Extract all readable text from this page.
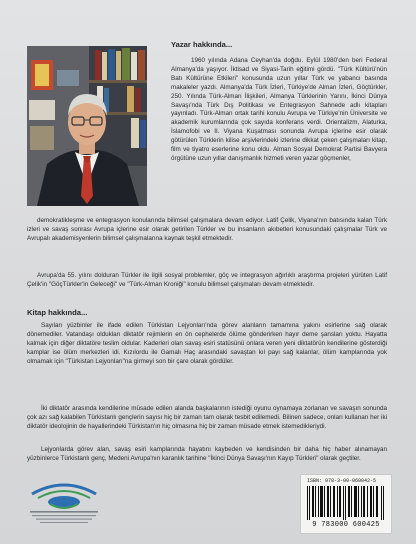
Yazar hakkında...

1960 yılında Adana Ceyhan'da doğdu. Eylül 1980'den beri Federal Almanya'da yaşıyor. İktisad ve Siyasi-Tarih eğitimi gördü. "Türk Kültürü'nün Batı Kültürüne Etkileri" konusunda uzun yıllar Türk ve yabancı basında makaleler yazdı. Almanya'da Türk İzleri, Türkiye'de Alman İzleri, Göçtürkler, 250. Yılında Türk-Alman İlişkileri, Almanya Türklerinin Yarını, İkinci Dünya Savaşı'nda Türk Dış Politikası ve Entegrasyon Sahnede adlı kitapları yayınladı. Türk-Alman ortak tarihi konulu Avrupa ve Türkiye'nin Üniversite ve akademik kurumlarında çok sayıda konferans verdi. Orientalizm, Alaturka, İslamofobi ve II. Viyana Kuşatması sonunda Avrupa içlerine esir olarak götürülen Türklerin kilise arşivlerindeki izlerine dikkat çeken çalışmaları kitap, film ve tiyatro eserlerine konu oldu. Alman Sosyal Demokrat Partisi Bavyera örgütüne uzun yıllar danışmanlık hizmeti veren yazar göçmenler,

demokratikleşme ve entegrasyon konularında bilimsel çalışmalara devam ediyor. Latif Çelik, Viyana'nın batısında kalan Türk izleri ve savaş sonrası Avrupa içlerine esir olarak getirilen Türkler ve bu insanların akıbetleri konusundaki çalışmalar Türk ve Avrupalı akademisyenlerin bilimsel çalışmalarına kaynak teşkil etmektedir.

Avrupa'da 55. yılını dolduran Türkler ile ilgili sosyal problemler, göç ve integrasyon ağırlıklı araştırma projeleri yürüten Latif Çelik'in "GöçTürkler'in Geleceği" ve "Türk-Alman Kroniği" konulu bilimsel çalışmaları devam etmektedir.

Kitap hakkında...

Sayıları yüzbinler ile ifade edilen Türkistan Lejyonları'nda görev alanların tamamına yakını esirlerine sağ olarak dönemediler. Vatandaşı oldukları diktatör rejimlerin en ön cephelerde ölüme gönderirken hayır deme şansları yoktu. Hayatta kalmak için diğer diktatöre teslim oldular. Kaderleri olan savaş esiri statüsünü onlara veren yeni diktatörün kendilerine gösterdiği kamplar ise ölüm merkezleri idi. Kızılordu ile Gamalı Haç arasındaki savaştan kıl payı sağ kalanlar, ölüm kamplarında yok olmamak için "Türkistan Lejyonları"na girmeyi son bir çare olarak gördüler.

İki diktatör arasında kendilerine müsade edilen alanda başkalarının istediği oyunu oynamaya zorlanan ve savaşın sonunda çok azı sağ kalabilen Türkistanlı gençlerin sayısı hiç bir zaman tam olarak tesbit edilemedi. Bilinen sadece, onları kullanan her iki diktatör ideolojinin de hayallerindeki Türkistan'ın hiç olmasına hiç bir zaman müsade etmek istemedikleriydi.

Lejyonlarda görev alan, savaş esiri kamplarında hayatını kaybeden ve kendisinden bir daha hiç haber alınamayan yüzbinlerce Türkistanlı genç, Medeni Avrupa'nın karanlık tarihine "İkinci Dünya Savaşı'nın Kayıp Türkleri" olarak geçtiler.

ISBN: 978-3-00-060042-5
9 783000 600425
